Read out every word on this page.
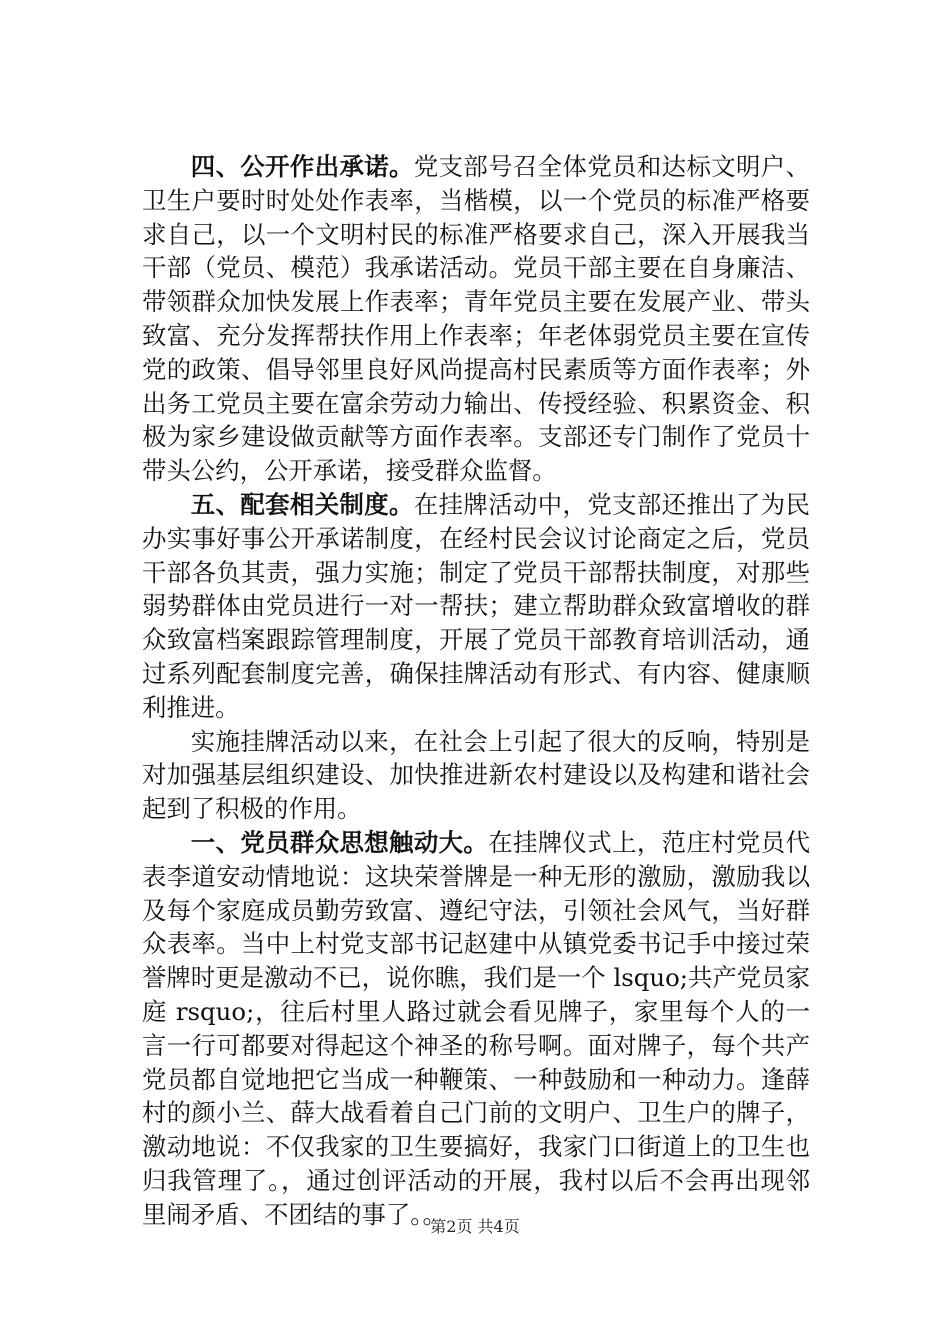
四、公开作出承诺。党支部号召全体党员和达标文明户、卫生户要时时处处作表率，当楷模，以一个党员的标准严格要求自己，以一个文明村民的标准严格要求自己，深入开展我当干部（党员、模范）我承诺活动。党员干部主要在自身廉洁、带领群众加快发展上作表率；青年党员主要在发展产业、带头致富、充分发挥帮扶作用上作表率；年老体弱党员主要在宣传党的政策、倡导邻里良好风尚提高村民素质等方面作表率；外出务工党员主要在富余劳动力输出、传授经验、积累资金、积极为家乡建设做贡献等方面作表率。支部还专门制作了党员十带头公约，公开承诺，接受群众监督。

五、配套相关制度。在挂牌活动中，党支部还推出了为民办实事好事公开承诺制度，在经村民会议讨论商定之后，党员干部各负其责，强力实施；制定了党员干部帮扶制度，对那些弱势群体由党员进行一对一帮扶；建立帮助群众致富增收的群众致富档案跟踪管理制度，开展了党员干部教育培训活动，通过系列配套制度完善，确保挂牌活动有形式、有内容、健康顺利推进。

实施挂牌活动以来，在社会上引起了很大的反响，特别是对加强基层组织建设、加快推进新农村建设以及构建和谐社会起到了积极的作用。

一、党员群众思想触动大。在挂牌仪式上，范庄村党员代表李道安动情地说：这块荣誉牌是一种无形的激励，激励我以及每个家庭成员勤劳致富、遵纪守法，引领社会风气，当好群众表率。当中上村党支部书记赵建中从镇党委书记手中接过荣誉牌时更是激动不已，说你瞧，我们是一个 lsquo;共产党员家庭 rsquo;，往后村里人路过就会看见牌子，家里每个人的一言一行可都要对得起这个神圣的称号啊。面对牌子，每个共产党员都自觉地把它当成一种鞭策、一种鼓励和一种动力。逢薛村的颜小兰、薛大战看着自己门前的文明户、卫生户的牌子，激动地说：不仅我家的卫生要搞好，我家门口街道上的卫生也归我管理了。，通过创评活动的开展，我村以后不会再出现邻里闹矛盾、不团结的事了。。

第2页 共4页
